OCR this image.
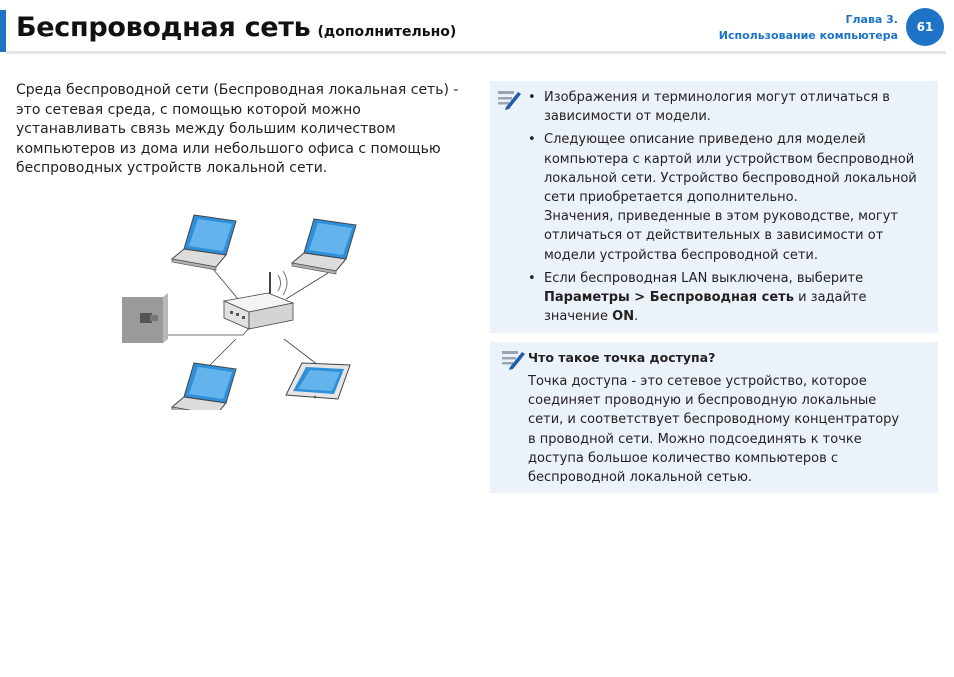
Беспроводная сеть (дополнительно)
Глава 3.
Использование компьютера
61

Среда беспроводной сети (Беспроводная локальная сеть) - это сетевая среда, с помощью которой можно устанавливать связь между большим количеством компьютеров из дома или небольшого офиса с помощью беспроводных устройств локальной сети.

• Изображения и терминология могут отличаться в зависимости от модели.
• Следующее описание приведено для моделей компьютера с картой или устройством беспроводной локальной сети. Устройство беспроводной локальной сети приобретается дополнительно.
Значения, приведенные в этом руководстве, могут отличаться от действительных в зависимости от модели устройства беспроводной сети.
• Если беспроводная LAN выключена, выберите Параметры > Беспроводная сеть и задайте значение ON.

Что такое точка доступа?

Точка доступа - это сетевое устройство, которое соединяет проводную и беспроводную локальные сети, и соответствует беспроводному концентратору в проводной сети. Можно подсоединять к точке доступа большое количество компьютеров с беспроводной локальной сетью.
